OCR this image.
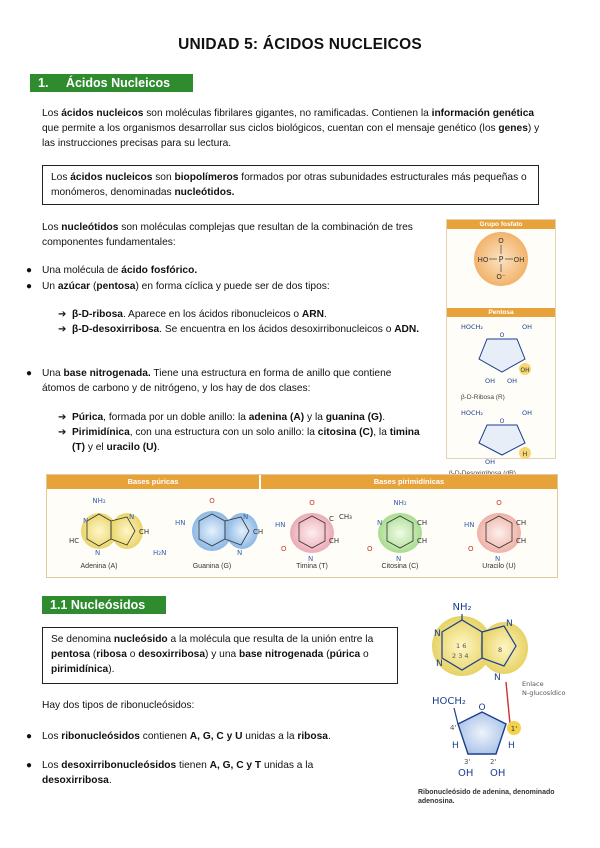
UNIDAD 5: ÁCIDOS NUCLEICOS
1. Ácidos Nucleicos
Los ácidos nucleicos son moléculas fibrilares gigantes, no ramificadas. Contienen la información genética que permite a los organismos desarrollar sus ciclos biológicos, cuentan con el mensaje genético (los genes) y las instrucciones precisas para su lectura.
Los ácidos nucleicos son biopolímeros formados por otras subunidades estructurales más pequeñas o monómeros, denominadas nucleótidos.
Los nucleótidos son moléculas complejas que resultan de la combinación de tres componentes fundamentales:
● Una molécula de ácido fosfórico.
● Un azúcar (pentosa) en forma cíclica y puede ser de dos tipos:
➔ β-D-ribosa. Aparece en los ácidos ribonucleicos o ARN.
➔ β-D-desoxirribosa. Se encuentra en los ácidos desoxirribonucleicos o ADN.
● Una base nitrogenada. Tiene una estructura en forma de anillo que contiene átomos de carbono y de nitrógeno, y los hay de dos clases:
➔ Púrica, formada por un doble anillo: la adenina (A) y la guanina (G).
➔ Pirimidínica, con una estructura con un solo anillo: la citosina (C), la timina (T) y el uracilo (U).
Grupo fosfato
O
P
HO	OH
O⁻
Pentosa
HOCH₂	OH
O
OH
OH OH
β-D-Ribosa (R)
HOCH₂	OH
O
H
OH
Bases púricas	Bases pirimidínicas
NH₂
N	N
CH
HC
N
O
HN
N
CH
H₂N	N
O
C CH₃
HN
O
CH
N
NH₂
N	CH
CH
O
N
O
HN	CH
CH
O
N
Adenina (A)	Guanina (G)	Timina (T)	Citosina (C)	Uracilo (U)
1.1 Nucleósidos
Se denomina nucleósido a la molécula que resulta de la unión entre la pentosa (ribosa o desoxirribosa) y una base nitrogenada (púrica o pirimidínica).
Hay dos tipos de ribonucleósidos:
● Los ribonucleósidos contienen A, G, C y U unidas a la ribosa.
● Los desoxirribonucleósidos tienen A, G, C y T unidas a la desoxirribosa.
NH₂
N
N
N
N
1 6
2 3 4
8
Enlace
N-glucosídico
HOCH₂
O
1'
4'
H	H
3'	2'
OH OH
Ribonucleósido de adenina, denominado adenosina.
